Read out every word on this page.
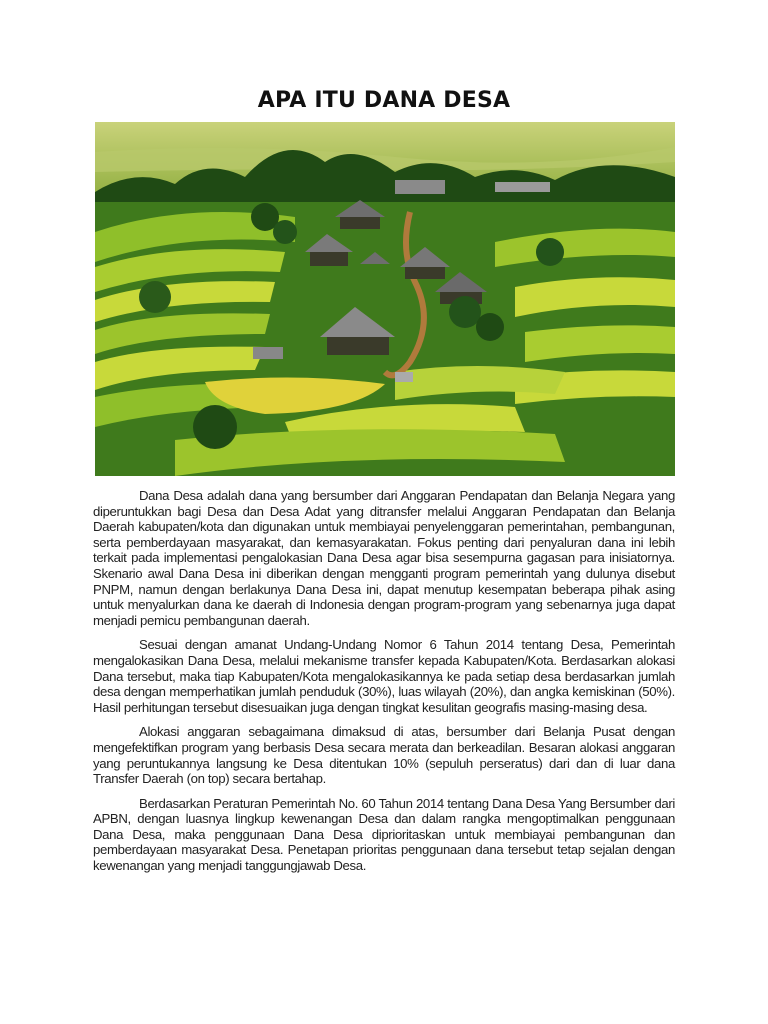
APA ITU DANA DESA

Dana Desa adalah dana yang bersumber dari Anggaran Pendapatan dan Belanja Negara yang diperuntukkan bagi Desa dan Desa Adat yang ditransfer melalui Anggaran Pendapatan dan Belanja Daerah kabupaten/kota dan digunakan untuk membiayai penyelenggaran pemerintahan, pembangunan, serta pemberdayaan masyarakat, dan kemasyarakatan. Fokus penting dari penyaluran dana ini lebih terkait pada implementasi pengalokasian Dana Desa agar bisa sesempurna gagasan para inisiatornya. Skenario awal Dana Desa ini diberikan dengan mengganti program pemerintah yang dulunya disebut PNPM, namun dengan berlakunya Dana Desa ini, dapat menutup kesempatan beberapa pihak asing untuk menyalurkan dana ke daerah di Indonesia dengan program-program yang sebenarnya juga dapat menjadi pemicu pembangunan daerah.

Sesuai dengan amanat Undang-Undang Nomor 6 Tahun 2014 tentang Desa, Pemerintah mengalokasikan Dana Desa, melalui mekanisme transfer kepada Kabupaten/Kota. Berdasarkan alokasi Dana tersebut, maka tiap Kabupaten/Kota mengalokasikannya ke pada setiap desa berdasarkan jumlah desa dengan memperhatikan jumlah penduduk (30%), luas wilayah (20%), dan angka kemiskinan (50%). Hasil perhitungan tersebut disesuaikan juga dengan tingkat kesulitan geografis masing-masing desa.

Alokasi anggaran sebagaimana dimaksud di atas, bersumber dari Belanja Pusat dengan mengefektifkan program yang berbasis Desa secara merata dan berkeadilan. Besaran alokasi anggaran yang peruntukannya langsung ke Desa ditentukan 10% (sepuluh perseratus) dari dan di luar dana Transfer Daerah (on top) secara bertahap.

Berdasarkan Peraturan Pemerintah No. 60 Tahun 2014 tentang Dana Desa Yang Bersumber dari APBN, dengan luasnya lingkup kewenangan Desa dan dalam rangka mengoptimalkan penggunaan Dana Desa, maka penggunaan Dana Desa diprioritaskan untuk membiayai pembangunan dan pemberdayaan masyarakat Desa. Penetapan prioritas penggunaan dana tersebut tetap sejalan dengan kewenangan yang menjadi tanggungjawab Desa.
